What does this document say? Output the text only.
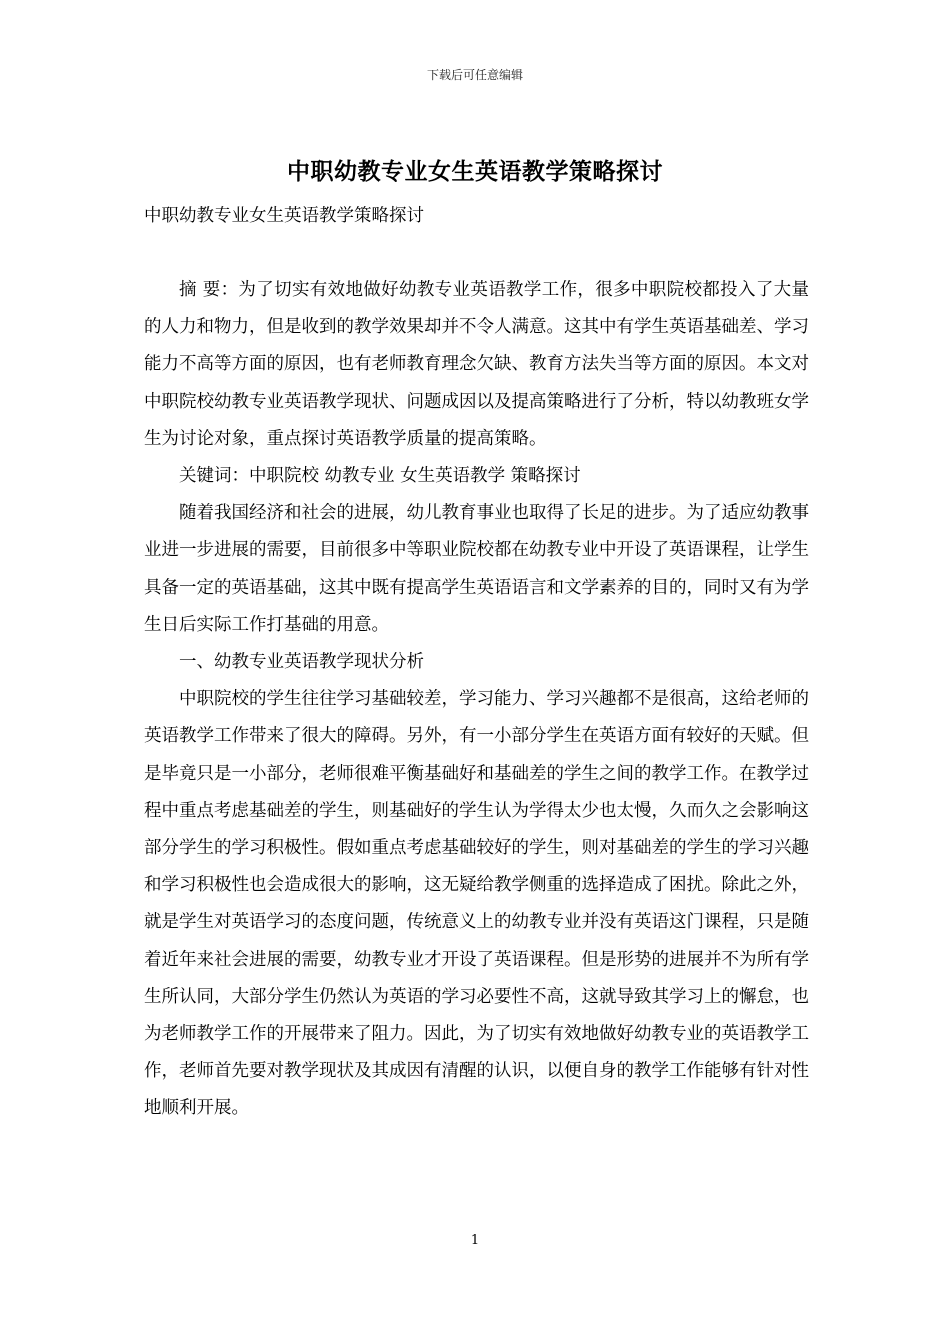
下载后可任意编辑
中职幼教专业女生英语教学策略探讨
中职幼教专业女生英语教学策略探讨

摘 要：为了切实有效地做好幼教专业英语教学工作，很多中职院校都投入了大量的人力和物力，但是收到的教学效果却并不令人满意。这其中有学生英语基础差、学习能力不高等方面的原因，也有老师教育理念欠缺、教育方法失当等方面的原因。本文对中职院校幼教专业英语教学现状、问题成因以及提高策略进行了分析，特以幼教班女学生为讨论对象，重点探讨英语教学质量的提高策略。

关键词：中职院校 幼教专业 女生英语教学 策略探讨

随着我国经济和社会的进展，幼儿教育事业也取得了长足的进步。为了适应幼教事业进一步进展的需要，目前很多中等职业院校都在幼教专业中开设了英语课程，让学生具备一定的英语基础，这其中既有提高学生英语语言和文学素养的目的，同时又有为学生日后实际工作打基础的用意。

一、幼教专业英语教学现状分析

中职院校的学生往往学习基础较差，学习能力、学习兴趣都不是很高，这给老师的英语教学工作带来了很大的障碍。另外，有一小部分学生在英语方面有较好的天赋。但是毕竟只是一小部分，老师很难平衡基础好和基础差的学生之间的教学工作。在教学过程中重点考虑基础差的学生，则基础好的学生认为学得太少也太慢，久而久之会影响这部分学生的学习积极性。假如重点考虑基础较好的学生，则对基础差的学生的学习兴趣和学习积极性也会造成很大的影响，这无疑给教学侧重的选择造成了困扰。除此之外，就是学生对英语学习的态度问题，传统意义上的幼教专业并没有英语这门课程，只是随着近年来社会进展的需要，幼教专业才开设了英语课程。但是形势的进展并不为所有学生所认同，大部分学生仍然认为英语的学习必要性不高，这就导致其学习上的懈怠，也为老师教学工作的开展带来了阻力。因此，为了切实有效地做好幼教专业的英语教学工作，老师首先要对教学现状及其成因有清醒的认识，以便自身的教学工作能够有针对性地顺利开展。

1
